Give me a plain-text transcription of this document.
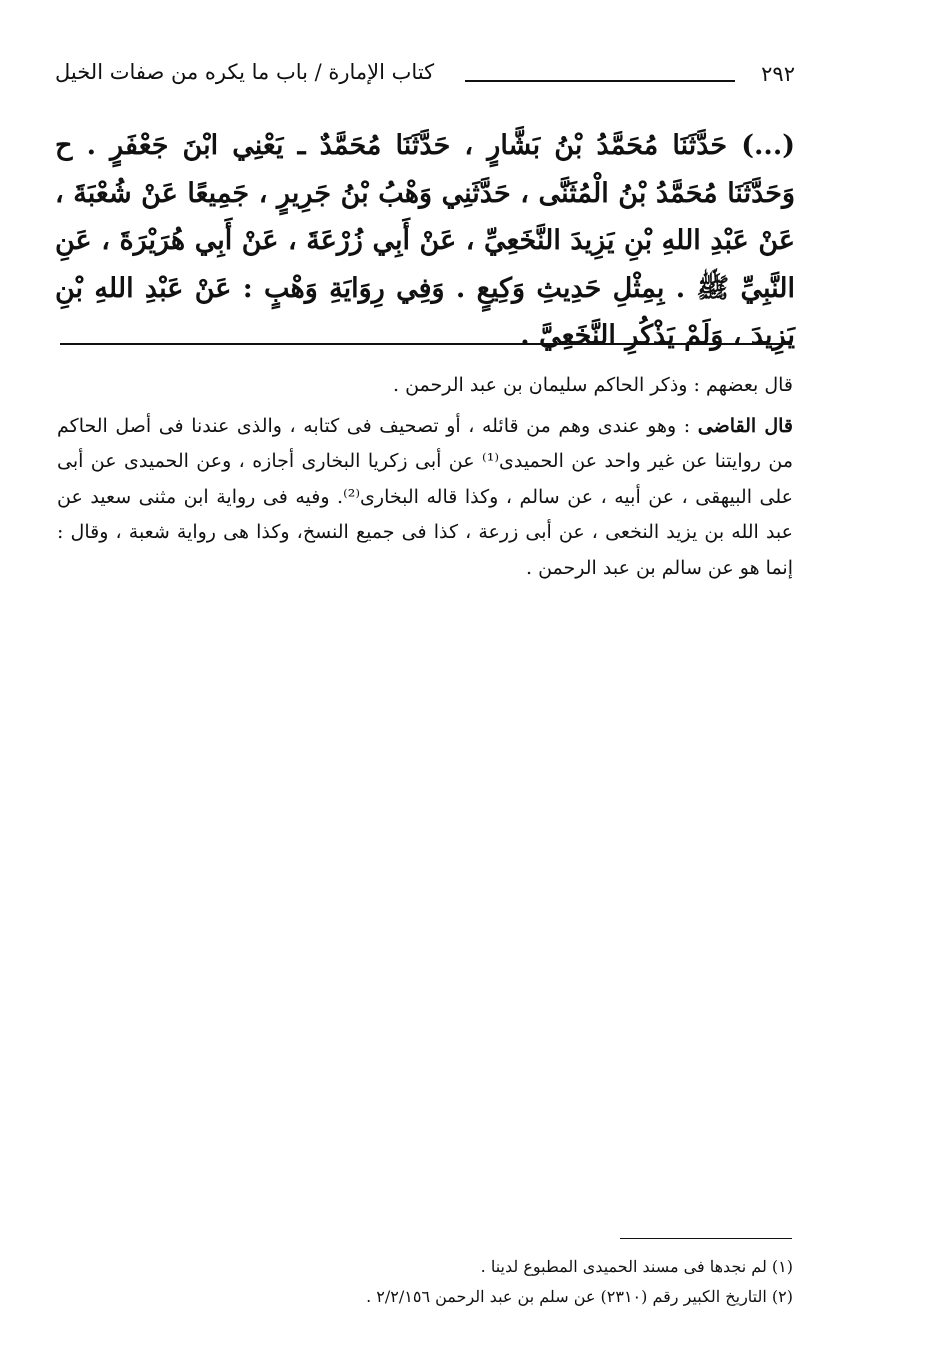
٢٩٢
كتاب الإمارة / باب ما يكره من صفات الخيل
(...) حَدَّثَنَا مُحَمَّدُ بْنُ بَشَّارٍ ، حَدَّثَنَا مُحَمَّدٌ ـ يَعْنِي ابْنَ جَعْفَرٍ . ح وَحَدَّثَنَا مُحَمَّدُ بْنُ الْمُثَنَّى ، حَدَّثَنِي وَهْبُ بْنُ جَرِيرٍ ، جَمِيعًا عَنْ شُعْبَةَ ، عَنْ عَبْدِ اللهِ بْنِ يَزِيدَ النَّخَعِيِّ ، عَنْ أَبِي زُرْعَةَ ، عَنْ أَبِي هُرَيْرَةَ ، عَنِ النَّبِيِّ ﷺ . بِمِثْلِ حَدِيثِ وَكِيعٍ . وَفِي رِوَايَةِ وَهْبٍ : عَنْ عَبْدِ اللهِ بْنِ يَزِيدَ ، وَلَمْ يَذْكُرِ النَّخَعِيَّ .

قال بعضهم : وذكر الحاكم سليمان بن عبد الرحمن .

قال القاضى : وهو عندى وهم من قائله ، أو تصحيف فى كتابه ، والذى عندنا فى أصل الحاكم من روايتنا عن غير واحد عن الحميدى⁽¹⁾ عن أبى زكريا البخارى أجازه ، وعن الحميدى عن أبى على البيهقى ، عن أبيه ، عن سالم ، وكذا قاله البخارى⁽²⁾. وفيه فى رواية ابن مثنى سعيد عن عبد الله بن يزيد النخعى ، عن أبى زرعة ، كذا فى جميع النسخ، وكذا هى رواية شعبة ، وقال : إنما هو عن سالم بن عبد الرحمن .

(١) لم نجدها فى مسند الحميدى المطبوع لدينا .
(٢) التاريخ الكبير رقم (٢٣١٠) عن سلم بن عبد الرحمن ٢/٢/١٥٦ .
